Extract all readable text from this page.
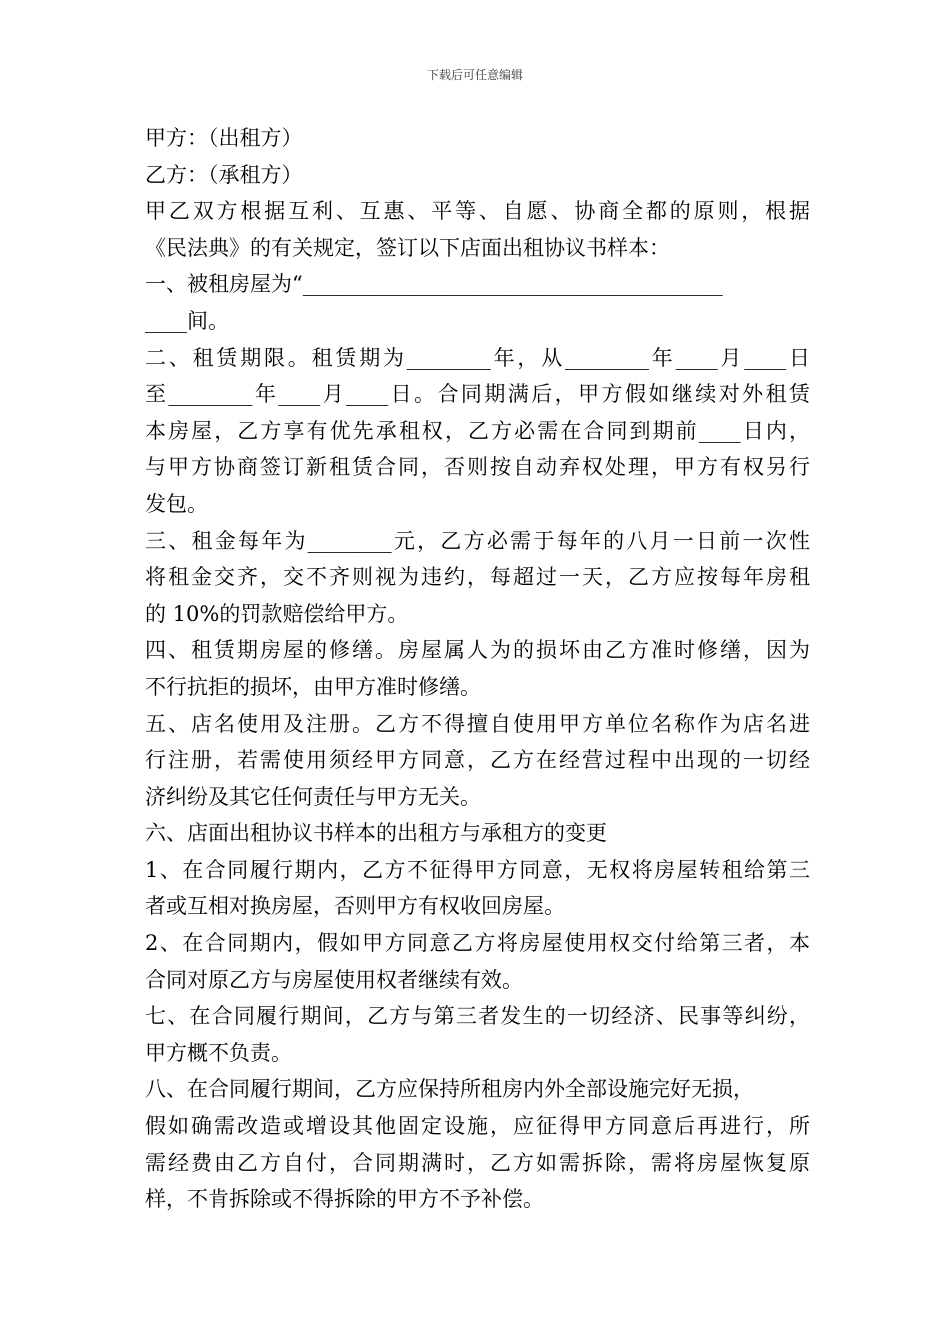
下载后可任意编辑
甲方：（出租方）
乙方：（承租方）
甲乙双方根据互利、互惠、平等、自愿、协商全都的原则，根据
《民法典》的有关规定，签订以下店面出租协议书样本：
一、被租房屋为“________________________________________
____间。
二、租赁期限。租赁期为________年，从________年____月____日
至________年____月____日。合同期满后，甲方假如继续对外租赁
本房屋，乙方享有优先承租权，乙方必需在合同到期前____日内，
与甲方协商签订新租赁合同，否则按自动弃权处理，甲方有权另行
发包。
三、租金每年为________元，乙方必需于每年的八月一日前一次性
将租金交齐，交不齐则视为违约，每超过一天，乙方应按每年房租
的 10%的罚款赔偿给甲方。
四、租赁期房屋的修缮。房屋属人为的损坏由乙方准时修缮，因为
不行抗拒的损坏，由甲方准时修缮。
五、店名使用及注册。乙方不得擅自使用甲方单位名称作为店名进
行注册，若需使用须经甲方同意，乙方在经营过程中出现的一切经
济纠纷及其它任何责任与甲方无关。
六、店面出租协议书样本的出租方与承租方的变更
1、在合同履行期内，乙方不征得甲方同意，无权将房屋转租给第三
者或互相对换房屋，否则甲方有权收回房屋。
2、在合同期内，假如甲方同意乙方将房屋使用权交付给第三者，本
合同对原乙方与房屋使用权者继续有效。
七、在合同履行期间，乙方与第三者发生的一切经济、民事等纠纷，
甲方概不负责。
八、在合同履行期间，乙方应保持所租房内外全部设施完好无损，
假如确需改造或增设其他固定设施，应征得甲方同意后再进行，所
需经费由乙方自付，合同期满时，乙方如需拆除，需将房屋恢复原
样，不肯拆除或不得拆除的甲方不予补偿。
